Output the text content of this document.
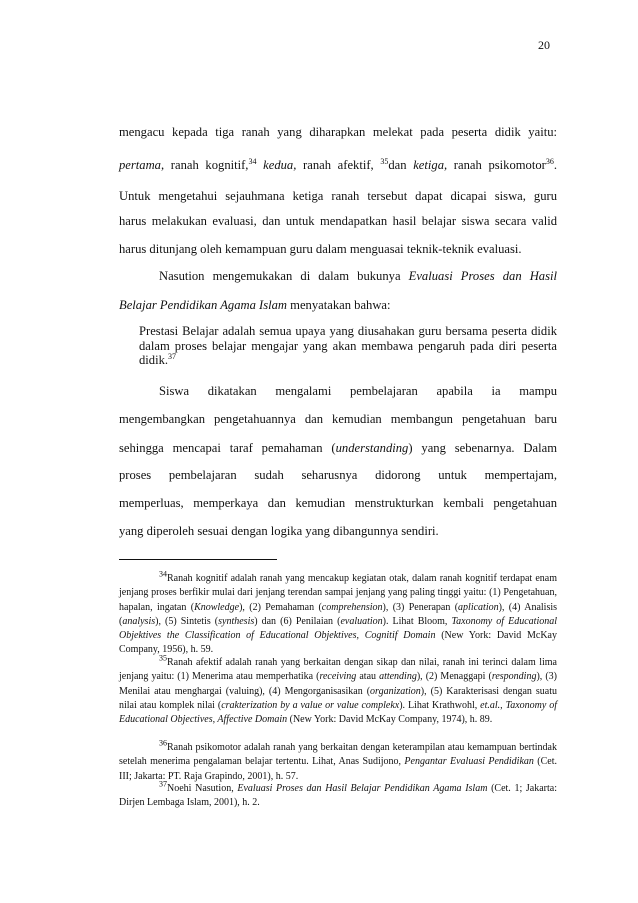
20
mengacu kepada tiga ranah yang diharapkan melekat pada peserta didik yaitu:
pertama, ranah kognitif,$^{34}$ kedua, ranah afektif, $^{35}$dan ketiga, ranah psikomotor$^{36}$.
Untuk mengetahui sejauhmana ketiga ranah tersebut dapat dicapai siswa, guru
harus melakukan evaluasi, dan untuk mendapatkan hasil belajar siswa secara valid
harus ditunjang oleh kemampuan guru dalam menguasai teknik-teknik evaluasi.
Nasution mengemukakan di dalam bukunya Evaluasi Proses dan Hasil
Belajar Pendidikan Agama Islam menyatakan bahwa:
Siswa dikatakan mengalami pembelajaran apabila ia mampu
mengembangkan pengetahuannya dan kemudian membangun pengetahuan baru
sehingga mencapai taraf pemahaman (understanding) yang sebenarnya. Dalam
proses pembelajaran sudah seharusnya didorong untuk mempertajam,
memperluas, memperkaya dan kemudian menstrukturkan kembali pengetahuan
yang diperoleh sesuai dengan logika yang dibangunnya sendiri.
Prestasi Belajar adalah semua upaya yang diusahakan guru bersama peserta didik dalam proses belajar mengajar yang akan membawa pengaruh pada diri peserta didik.$^{37}$
$^{34}$Ranah kognitif adalah ranah yang mencakup kegiatan otak, dalam ranah kognitif terdapat enam jenjang proses berfikir mulai dari jenjang terendan sampai jenjang yang paling tinggi yaitu: (1) Pengetahuan, hapalan, ingatan (Knowledge), (2) Pemahaman (comprehension), (3) Penerapan (aplication), (4) Analisis (analysis), (5) Sintetis (synthesis) dan (6) Penilaian (evaluation). Lihat Bloom, Taxonomy of Educational Objektives the Classification of Educational Objektives, Cognitif Domain (New York: David McKay Company, 1956), h. 59.
$^{35}$Ranah afektif adalah ranah yang berkaitan dengan sikap dan nilai, ranah ini terinci dalam lima jenjang yaitu: (1) Menerima atau memperhatika (receiving atau attending), (2) Menaggapi (responding), (3) Menilai atau menghargai (valuing), (4) Mengorganisasikan (organization), (5) Karakterisasi dengan suatu nilai atau komplek nilai (crakterization by a value or value complekx). Lihat Krathwohl, et.al., Taxonomy of Educational Objectives, Affective Domain (New York: David McKay Company, 1974), h. 89.
$^{36}$Ranah psikomotor adalah ranah yang berkaitan dengan keterampilan atau kemampuan bertindak setelah menerima pengalaman belajar tertentu. Lihat, Anas Sudijono, Pengantar Evaluasi Pendidikan (Cet. III; Jakarta: PT. Raja Grapindo, 2001), h. 57.
$^{37}$Noehi Nasution, Evaluasi Proses dan Hasil Belajar Pendidikan Agama Islam (Cet. 1; Jakarta: Dirjen Lembaga Islam, 2001), h. 2.
